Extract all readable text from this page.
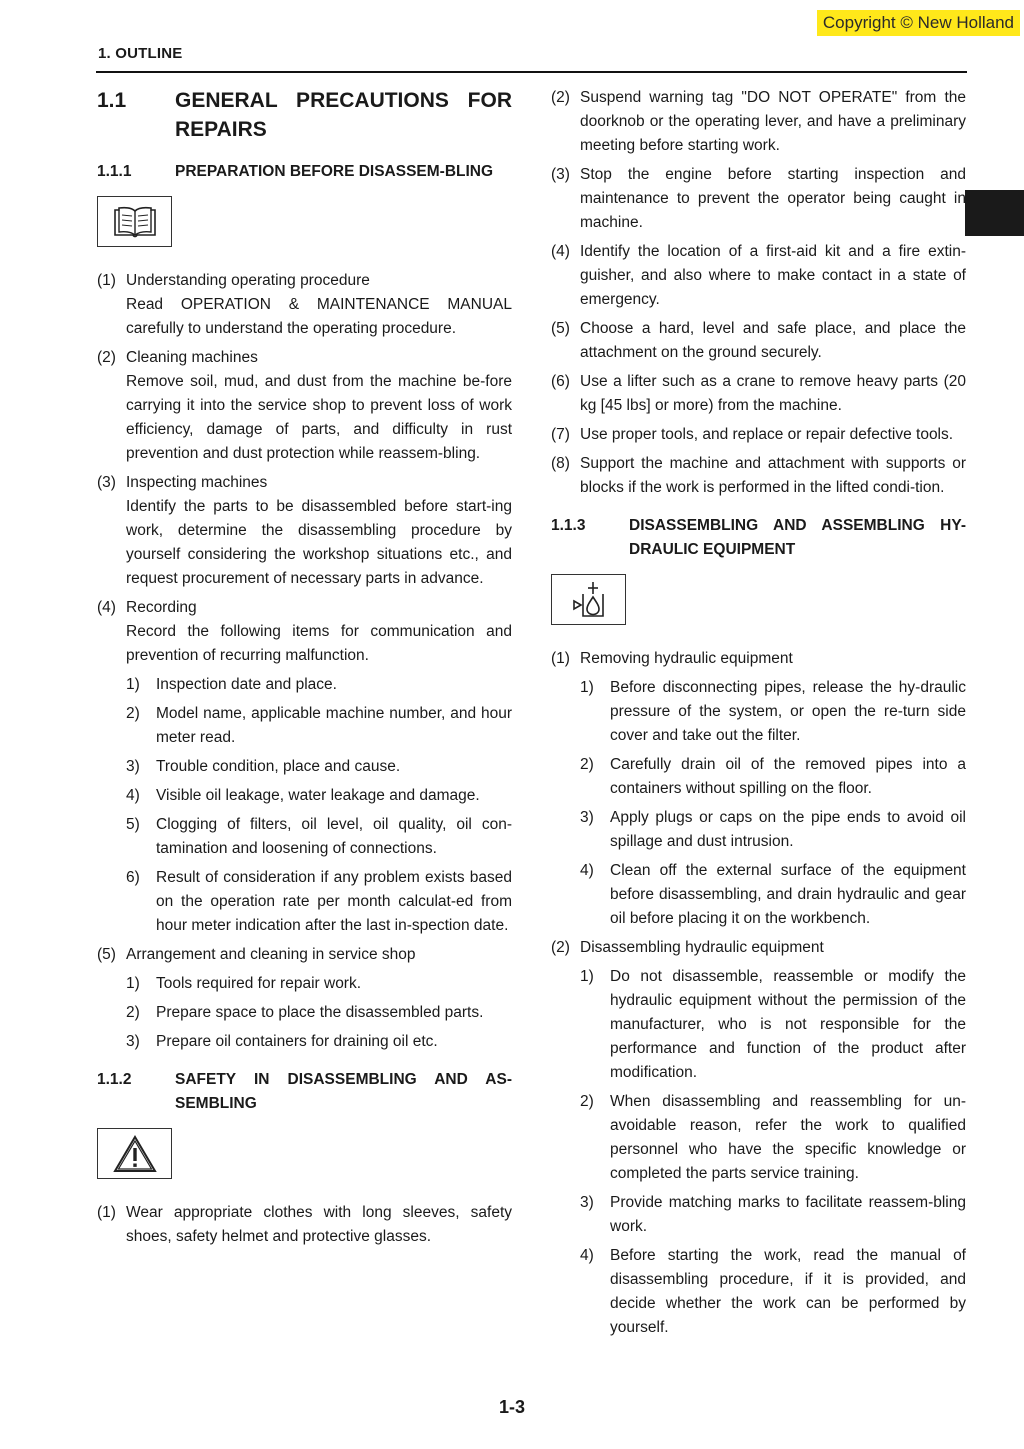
Copyright © New Holland
1. OUTLINE
1.1	GENERAL PRECAUTIONS FOR REPAIRS
1.1.1	PREPARATION BEFORE DISASSEM-BLING
(1) Understanding operating procedure
Read OPERATION & MAINTENANCE MANUAL carefully to understand the operating procedure.
(2) Cleaning machines
Remove soil, mud, and dust from the machine be-fore carrying it into the service shop to prevent loss of work efficiency, damage of parts, and difficulty in rust prevention and dust protection while reassem-bling.
(3) Inspecting machines
Identify the parts to be disassembled before start-ing work, determine the disassembling procedure by yourself considering the workshop situations etc., and request procurement of necessary parts in advance.
(4) Recording
Record the following items for communication and prevention of recurring malfunction.
1)	Inspection date and place.
2)	Model name, applicable machine number, and hour meter read.
3)	Trouble condition, place and cause.
4)	Visible oil leakage, water leakage and damage.
5)	Clogging of filters, oil level, oil quality, oil con-tamination and loosening of connections.
6)	Result of consideration if any problem exists based on the operation rate per month calculat-ed from hour meter indication after the last in-spection date.
(5) Arrangement and cleaning in service shop
1)	Tools required for repair work.
2)	Prepare space to place the disassembled parts.
3)	Prepare oil containers for draining oil etc.
1.1.2	SAFETY IN DISASSEMBLING AND AS-SEMBLING
(1) Wear appropriate clothes with long sleeves, safety shoes, safety helmet and protective glasses.
(2) Suspend warning tag "DO NOT OPERATE" from the doorknob or the operating lever, and have a preliminary meeting before starting work.
(3) Stop the engine before starting inspection and maintenance to prevent the operator being caught in machine.
(4) Identify the location of a first-aid kit and a fire extin-guisher, and also where to make contact in a state of emergency.
(5) Choose a hard, level and safe place, and place the attachment on the ground securely.
(6) Use a lifter such as a crane to remove heavy parts (20 kg [45 lbs] or more) from the machine.
(7) Use proper tools, and replace or repair defective tools.
(8) Support the machine and attachment with supports or blocks if the work is performed in the lifted condi-tion.
1.1.3	DISASSEMBLING AND ASSEMBLING HY-DRAULIC EQUIPMENT
(1) Removing hydraulic equipment
1)	Before disconnecting pipes, release the hy-draulic pressure of the system, or open the re-turn side cover and take out the filter.
2)	Carefully drain oil of the removed pipes into a containers without spilling on the floor.
3)	Apply plugs or caps on the pipe ends to avoid oil spillage and dust intrusion.
4)	Clean off the external surface of the equipment before disassembling, and drain hydraulic and gear oil before placing it on the workbench.
(2) Disassembling hydraulic equipment
1)	Do not disassemble, reassemble or modify the hydraulic equipment without the permission of the manufacturer, who is not responsible for the performance and function of the product after modification.
2)	When disassembling and reassembling for un-avoidable reason, refer the work to qualified personnel who have the specific knowledge or completed the parts service training.
3)	Provide matching marks to facilitate reassem-bling work.
4)	Before starting the work, read the manual of disassembling procedure, if it is provided, and decide whether the work can be performed by yourself.
1-3
